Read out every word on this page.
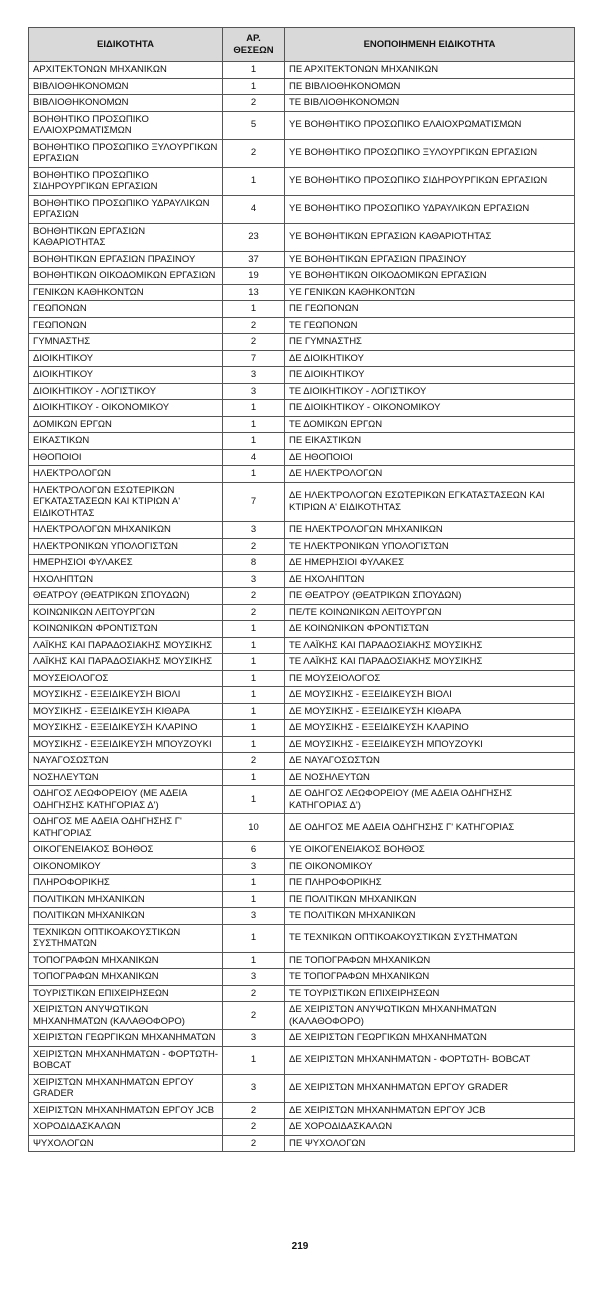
ΕΙΔΙΚΟΤΗΤΑ	ΑΡ. ΘΕΣΕΩΝ	ΕΝΟΠΟΙΗΜΕΝΗ ΕΙΔΙΚΟΤΗΤΑ
ΑΡΧΙΤΕΚΤΟΝΩΝ ΜΗΧΑΝΙΚΩΝ	1	ΠΕ ΑΡΧΙΤΕΚΤΟΝΩΝ ΜΗΧΑΝΙΚΩΝ
ΒΙΒΛΙΟΘΗΚΟΝΟΜΩΝ	1	ΠΕ ΒΙΒΛΙΟΘΗΚΟΝΟΜΩΝ
ΒΙΒΛΙΟΘΗΚΟΝΟΜΩΝ	2	ΤΕ ΒΙΒΛΙΟΘΗΚΟΝΟΜΩΝ
ΒΟΗΘΗΤΙΚΟ ΠΡΟΣΩΠΙΚΟ ΕΛΑΙΟΧΡΩΜΑΤΙΣΜΩΝ	5	ΥΕ ΒΟΗΘΗΤΙΚΟ ΠΡΟΣΩΠΙΚΟ ΕΛΑΙΟΧΡΩΜΑΤΙΣΜΩΝ
ΒΟΗΘΗΤΙΚΟ ΠΡΟΣΩΠΙΚΟ ΞΥΛΟΥΡΓΙΚΩΝ ΕΡΓΑΣΙΩΝ	2	ΥΕ ΒΟΗΘΗΤΙΚΟ ΠΡΟΣΩΠΙΚΟ ΞΥΛΟΥΡΓΙΚΩΝ ΕΡΓΑΣΙΩΝ
ΒΟΗΘΗΤΙΚΟ ΠΡΟΣΩΠΙΚΟ ΣΙΔΗΡΟΥΡΓΙΚΩΝ ΕΡΓΑΣΙΩΝ	1	ΥΕ ΒΟΗΘΗΤΙΚΟ ΠΡΟΣΩΠΙΚΟ ΣΙΔΗΡΟΥΡΓΙΚΩΝ ΕΡΓΑΣΙΩΝ
ΒΟΗΘΗΤΙΚΟ ΠΡΟΣΩΠΙΚΟ ΥΔΡΑΥΛΙΚΩΝ ΕΡΓΑΣΙΩΝ	4	ΥΕ ΒΟΗΘΗΤΙΚΟ ΠΡΟΣΩΠΙΚΟ ΥΔΡΑΥΛΙΚΩΝ ΕΡΓΑΣΙΩΝ
ΒΟΗΘΗΤΙΚΩΝ ΕΡΓΑΣΙΩΝ ΚΑΘΑΡΙΟΤΗΤΑΣ	23	ΥΕ ΒΟΗΘΗΤΙΚΩΝ ΕΡΓΑΣΙΩΝ ΚΑΘΑΡΙΟΤΗΤΑΣ
ΒΟΗΘΗΤΙΚΩΝ ΕΡΓΑΣΙΩΝ ΠΡΑΣΙΝΟΥ	37	ΥΕ ΒΟΗΘΗΤΙΚΩΝ ΕΡΓΑΣΙΩΝ ΠΡΑΣΙΝΟΥ
ΒΟΗΘΗΤΙΚΩΝ ΟΙΚΟΔΟΜΙΚΩΝ ΕΡΓΑΣΙΩΝ	19	ΥΕ ΒΟΗΘΗΤΙΚΩΝ ΟΙΚΟΔΟΜΙΚΩΝ ΕΡΓΑΣΙΩΝ
ΓΕΝΙΚΩΝ ΚΑΘΗΚΟΝΤΩΝ	13	ΥΕ ΓΕΝΙΚΩΝ ΚΑΘΗΚΟΝΤΩΝ
ΓΕΩΠΟΝΩΝ	1	ΠΕ ΓΕΩΠΟΝΩΝ
ΓΕΩΠΟΝΩΝ	2	ΤΕ ΓΕΩΠΟΝΩΝ
ΓΥΜΝΑΣΤΗΣ	2	ΠΕ ΓΥΜΝΑΣΤΗΣ
ΔΙΟΙΚΗΤΙΚΟΥ	7	ΔΕ ΔΙΟΙΚΗΤΙΚΟΥ
ΔΙΟΙΚΗΤΙΚΟΥ	3	ΠΕ ΔΙΟΙΚΗΤΙΚΟΥ
ΔΙΟΙΚΗΤΙΚΟΥ - ΛΟΓΙΣΤΙΚΟΥ	3	ΤΕ ΔΙΟΙΚΗΤΙΚΟΥ - ΛΟΓΙΣΤΙΚΟΥ
ΔΙΟΙΚΗΤΙΚΟΥ - ΟΙΚΟΝΟΜΙΚΟΥ	1	ΠΕ ΔΙΟΙΚΗΤΙΚΟΥ - ΟΙΚΟΝΟΜΙΚΟΥ
ΔΟΜΙΚΩΝ ΕΡΓΩΝ	1	ΤΕ ΔΟΜΙΚΩΝ ΕΡΓΩΝ
ΕΙΚΑΣΤΙΚΩΝ	1	ΠΕ ΕΙΚΑΣΤΙΚΩΝ
ΗΘΟΠΟΙΟΙ	4	ΔΕ ΗΘΟΠΟΙΟΙ
ΗΛΕΚΤΡΟΛΟΓΩΝ	1	ΔΕ ΗΛΕΚΤΡΟΛΟΓΩΝ
ΗΛΕΚΤΡΟΛΟΓΩΝ ΕΣΩΤΕΡΙΚΩΝ ΕΓΚΑΤΑΣΤΑΣΕΩΝ ΚΑΙ ΚΤΙΡΙΩΝ Α' ΕΙΔΙΚΟΤΗΤΑΣ	7	ΔΕ ΗΛΕΚΤΡΟΛΟΓΩΝ ΕΣΩΤΕΡΙΚΩΝ ΕΓΚΑΤΑΣΤΑΣΕΩΝ ΚΑΙ ΚΤΙΡΙΩΝ Α' ΕΙΔΙΚΟΤΗΤΑΣ
ΗΛΕΚΤΡΟΛΟΓΩΝ ΜΗΧΑΝΙΚΩΝ	3	ΠΕ ΗΛΕΚΤΡΟΛΟΓΩΝ ΜΗΧΑΝΙΚΩΝ
ΗΛΕΚΤΡΟΝΙΚΩΝ ΥΠΟΛΟΓΙΣΤΩΝ	2	ΤΕ ΗΛΕΚΤΡΟΝΙΚΩΝ ΥΠΟΛΟΓΙΣΤΩΝ
ΗΜΕΡΗΣΙΟΙ ΦΥΛΑΚΕΣ	8	ΔΕ ΗΜΕΡΗΣΙΟΙ ΦΥΛΑΚΕΣ
ΗΧΟΛΗΠΤΩΝ	3	ΔΕ ΗΧΟΛΗΠΤΩΝ
ΘΕΑΤΡΟΥ (ΘΕΑΤΡΙΚΩΝ ΣΠΟΥΔΩΝ)	2	ΠΕ ΘΕΑΤΡΟΥ (ΘΕΑΤΡΙΚΩΝ ΣΠΟΥΔΩΝ)
ΚΟΙΝΩΝΙΚΩΝ ΛΕΙΤΟΥΡΓΩΝ	2	ΠΕ/ΤΕ ΚΟΙΝΩΝΙΚΩΝ ΛΕΙΤΟΥΡΓΩΝ
ΚΟΙΝΩΝΙΚΩΝ ΦΡΟΝΤΙΣΤΩΝ	1	ΔΕ ΚΟΙΝΩΝΙΚΩΝ ΦΡΟΝΤΙΣΤΩΝ
ΛΑΪΚΗΣ ΚΑΙ ΠΑΡΑΔΟΣΙΑΚΗΣ ΜΟΥΣΙΚΗΣ	1	ΤΕ ΛΑΪΚΗΣ ΚΑΙ ΠΑΡΑΔΟΣΙΑΚΗΣ ΜΟΥΣΙΚΗΣ
ΛΑΪΚΗΣ ΚΑΙ ΠΑΡΑΔΟΣΙΑΚΗΣ ΜΟΥΣΙΚΗΣ	1	ΤΕ ΛΑΪΚΗΣ ΚΑΙ ΠΑΡΑΔΟΣΙΑΚΗΣ ΜΟΥΣΙΚΗΣ
ΜΟΥΣΕΙΟΛΟΓΟΣ	1	ΠΕ ΜΟΥΣΕΙΟΛΟΓΟΣ
ΜΟΥΣΙΚΗΣ - ΕΞΕΙΔΙΚΕΥΣΗ ΒΙΟΛΙ	1	ΔΕ ΜΟΥΣΙΚΗΣ - ΕΞΕΙΔΙΚΕΥΣΗ ΒΙΟΛΙ
ΜΟΥΣΙΚΗΣ - ΕΞΕΙΔΙΚΕΥΣΗ ΚΙΘΑΡΑ	1	ΔΕ ΜΟΥΣΙΚΗΣ - ΕΞΕΙΔΙΚΕΥΣΗ ΚΙΘΑΡΑ
ΜΟΥΣΙΚΗΣ - ΕΞΕΙΔΙΚΕΥΣΗ ΚΛΑΡΙΝΟ	1	ΔΕ ΜΟΥΣΙΚΗΣ - ΕΞΕΙΔΙΚΕΥΣΗ ΚΛΑΡΙΝΟ
ΜΟΥΣΙΚΗΣ - ΕΞΕΙΔΙΚΕΥΣΗ ΜΠΟΥΖΟΥΚΙ	1	ΔΕ ΜΟΥΣΙΚΗΣ - ΕΞΕΙΔΙΚΕΥΣΗ ΜΠΟΥΖΟΥΚΙ
ΝΑΥΑΓΟΣΩΣΤΩΝ	2	ΔΕ ΝΑΥΑΓΟΣΩΣΤΩΝ
ΝΟΣΗΛΕΥΤΩΝ	1	ΔΕ ΝΟΣΗΛΕΥΤΩΝ
ΟΔΗΓΟΣ ΛΕΩΦΟΡΕΙΟΥ (ΜΕ ΑΔΕΙΑ ΟΔΗΓΗΣΗΣ ΚΑΤΗΓΟΡΙΑΣ Δ')	1	ΔΕ ΟΔΗΓΟΣ ΛΕΩΦΟΡΕΙΟΥ (ΜΕ ΑΔΕΙΑ ΟΔΗΓΗΣΗΣ ΚΑΤΗΓΟΡΙΑΣ Δ')
ΟΔΗΓΟΣ ΜΕ ΑΔΕΙΑ ΟΔΗΓΗΣΗΣ Γ' ΚΑΤΗΓΟΡΙΑΣ	10	ΔΕ ΟΔΗΓΟΣ ΜΕ ΑΔΕΙΑ ΟΔΗΓΗΣΗΣ Γ' ΚΑΤΗΓΟΡΙΑΣ
ΟΙΚΟΓΕΝΕΙΑΚΟΣ ΒΟΗΘΟΣ	6	ΥΕ ΟΙΚΟΓΕΝΕΙΑΚΟΣ ΒΟΗΘΟΣ
ΟΙΚΟΝΟΜΙΚΟΥ	3	ΠΕ ΟΙΚΟΝΟΜΙΚΟΥ
ΠΛΗΡΟΦΟΡΙΚΗΣ	1	ΠΕ ΠΛΗΡΟΦΟΡΙΚΗΣ
ΠΟΛΙΤΙΚΩΝ ΜΗΧΑΝΙΚΩΝ	1	ΠΕ ΠΟΛΙΤΙΚΩΝ ΜΗΧΑΝΙΚΩΝ
ΠΟΛΙΤΙΚΩΝ ΜΗΧΑΝΙΚΩΝ	3	ΤΕ ΠΟΛΙΤΙΚΩΝ ΜΗΧΑΝΙΚΩΝ
ΤΕΧΝΙΚΩΝ ΟΠΤΙΚΟΑΚΟΥΣΤΙΚΩΝ ΣΥΣΤΗΜΑΤΩΝ	1	ΤΕ ΤΕΧΝΙΚΩΝ ΟΠΤΙΚΟΑΚΟΥΣΤΙΚΩΝ ΣΥΣΤΗΜΑΤΩΝ
ΤΟΠΟΓΡΑΦΩΝ ΜΗΧΑΝΙΚΩΝ	1	ΠΕ ΤΟΠΟΓΡΑΦΩΝ ΜΗΧΑΝΙΚΩΝ
ΤΟΠΟΓΡΑΦΩΝ ΜΗΧΑΝΙΚΩΝ	3	ΤΕ ΤΟΠΟΓΡΑΦΩΝ ΜΗΧΑΝΙΚΩΝ
ΤΟΥΡΙΣΤΙΚΩΝ ΕΠΙΧΕΙΡΗΣΕΩΝ	2	ΤΕ ΤΟΥΡΙΣΤΙΚΩΝ ΕΠΙΧΕΙΡΗΣΕΩΝ
ΧΕΙΡΙΣΤΩΝ ΑΝΥΨΩΤΙΚΩΝ ΜΗΧΑΝΗΜΑΤΩΝ (ΚΑΛΑΘΟΦΟΡΟ)	2	ΔΕ ΧΕΙΡΙΣΤΩΝ ΑΝΥΨΩΤΙΚΩΝ ΜΗΧΑΝΗΜΑΤΩΝ (ΚΑΛΑΘΟΦΟΡΟ)
ΧΕΙΡΙΣΤΩΝ ΓΕΩΡΓΙΚΩΝ ΜΗΧΑΝΗΜΑΤΩΝ	3	ΔΕ ΧΕΙΡΙΣΤΩΝ ΓΕΩΡΓΙΚΩΝ ΜΗΧΑΝΗΜΑΤΩΝ
ΧΕΙΡΙΣΤΩΝ ΜΗΧΑΝΗΜΑΤΩΝ - ΦΟΡΤΩΤΗ- BOBCAT	1	ΔΕ ΧΕΙΡΙΣΤΩΝ ΜΗΧΑΝΗΜΑΤΩΝ - ΦΟΡΤΩΤΗ- BOBCAT
ΧΕΙΡΙΣΤΩΝ ΜΗΧΑΝΗΜΑΤΩΝ ΕΡΓΟΥ GRADER	3	ΔΕ ΧΕΙΡΙΣΤΩΝ ΜΗΧΑΝΗΜΑΤΩΝ ΕΡΓΟΥ GRADER
ΧΕΙΡΙΣΤΩΝ ΜΗΧΑΝΗΜΑΤΩΝ ΕΡΓΟΥ JCB	2	ΔΕ ΧΕΙΡΙΣΤΩΝ ΜΗΧΑΝΗΜΑΤΩΝ ΕΡΓΟΥ JCB
ΧΟΡΟΔΙΔΑΣΚΑΛΩΝ	2	ΔΕ ΧΟΡΟΔΙΔΑΣΚΑΛΩΝ
ΨΥΧΟΛΟΓΩΝ	2	ΠΕ ΨΥΧΟΛΟΓΩΝ
219
